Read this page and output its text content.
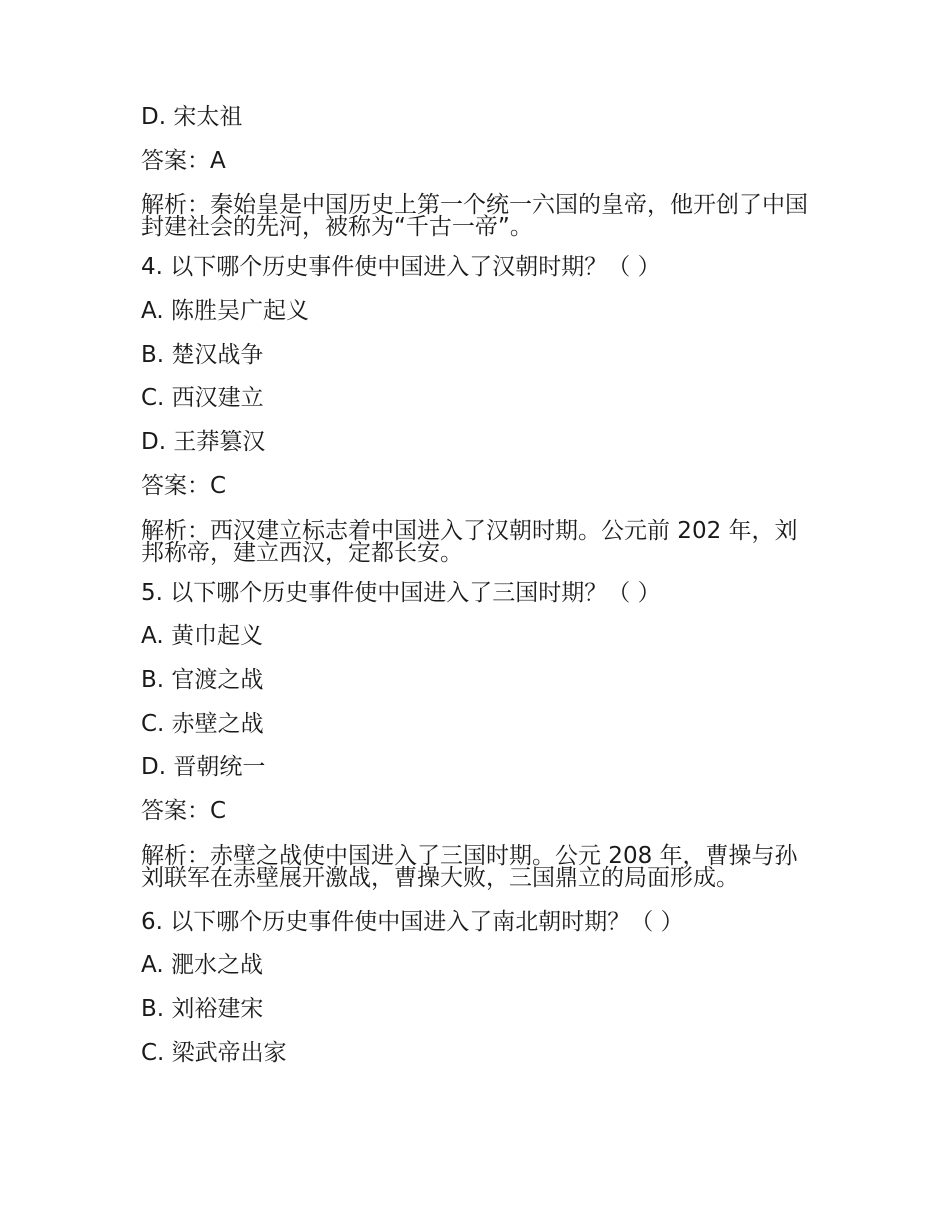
D. 宋太祖
答案：A
解析：秦始皇是中国历史上第一个统一六国的皇帝，他开创了中国封建社会的先河，被称为“千古一帝”。
4. 以下哪个历史事件使中国进入了汉朝时期？（ ）
A. 陈胜吴广起义
B. 楚汉战争
C. 西汉建立
D. 王莽篡汉
答案：C
解析：西汉建立标志着中国进入了汉朝时期。公元前 202 年，刘邦称帝，建立西汉，定都长安。
5. 以下哪个历史事件使中国进入了三国时期？（ ）
A. 黄巾起义
B. 官渡之战
C. 赤壁之战
D. 晋朝统一
答案：C
解析：赤壁之战使中国进入了三国时期。公元 208 年，曹操与孙刘联军在赤壁展开激战，曹操大败，三国鼎立的局面形成。
6. 以下哪个历史事件使中国进入了南北朝时期？（ ）
A. 淝水之战
B. 刘裕建宋
C. 梁武帝出家
